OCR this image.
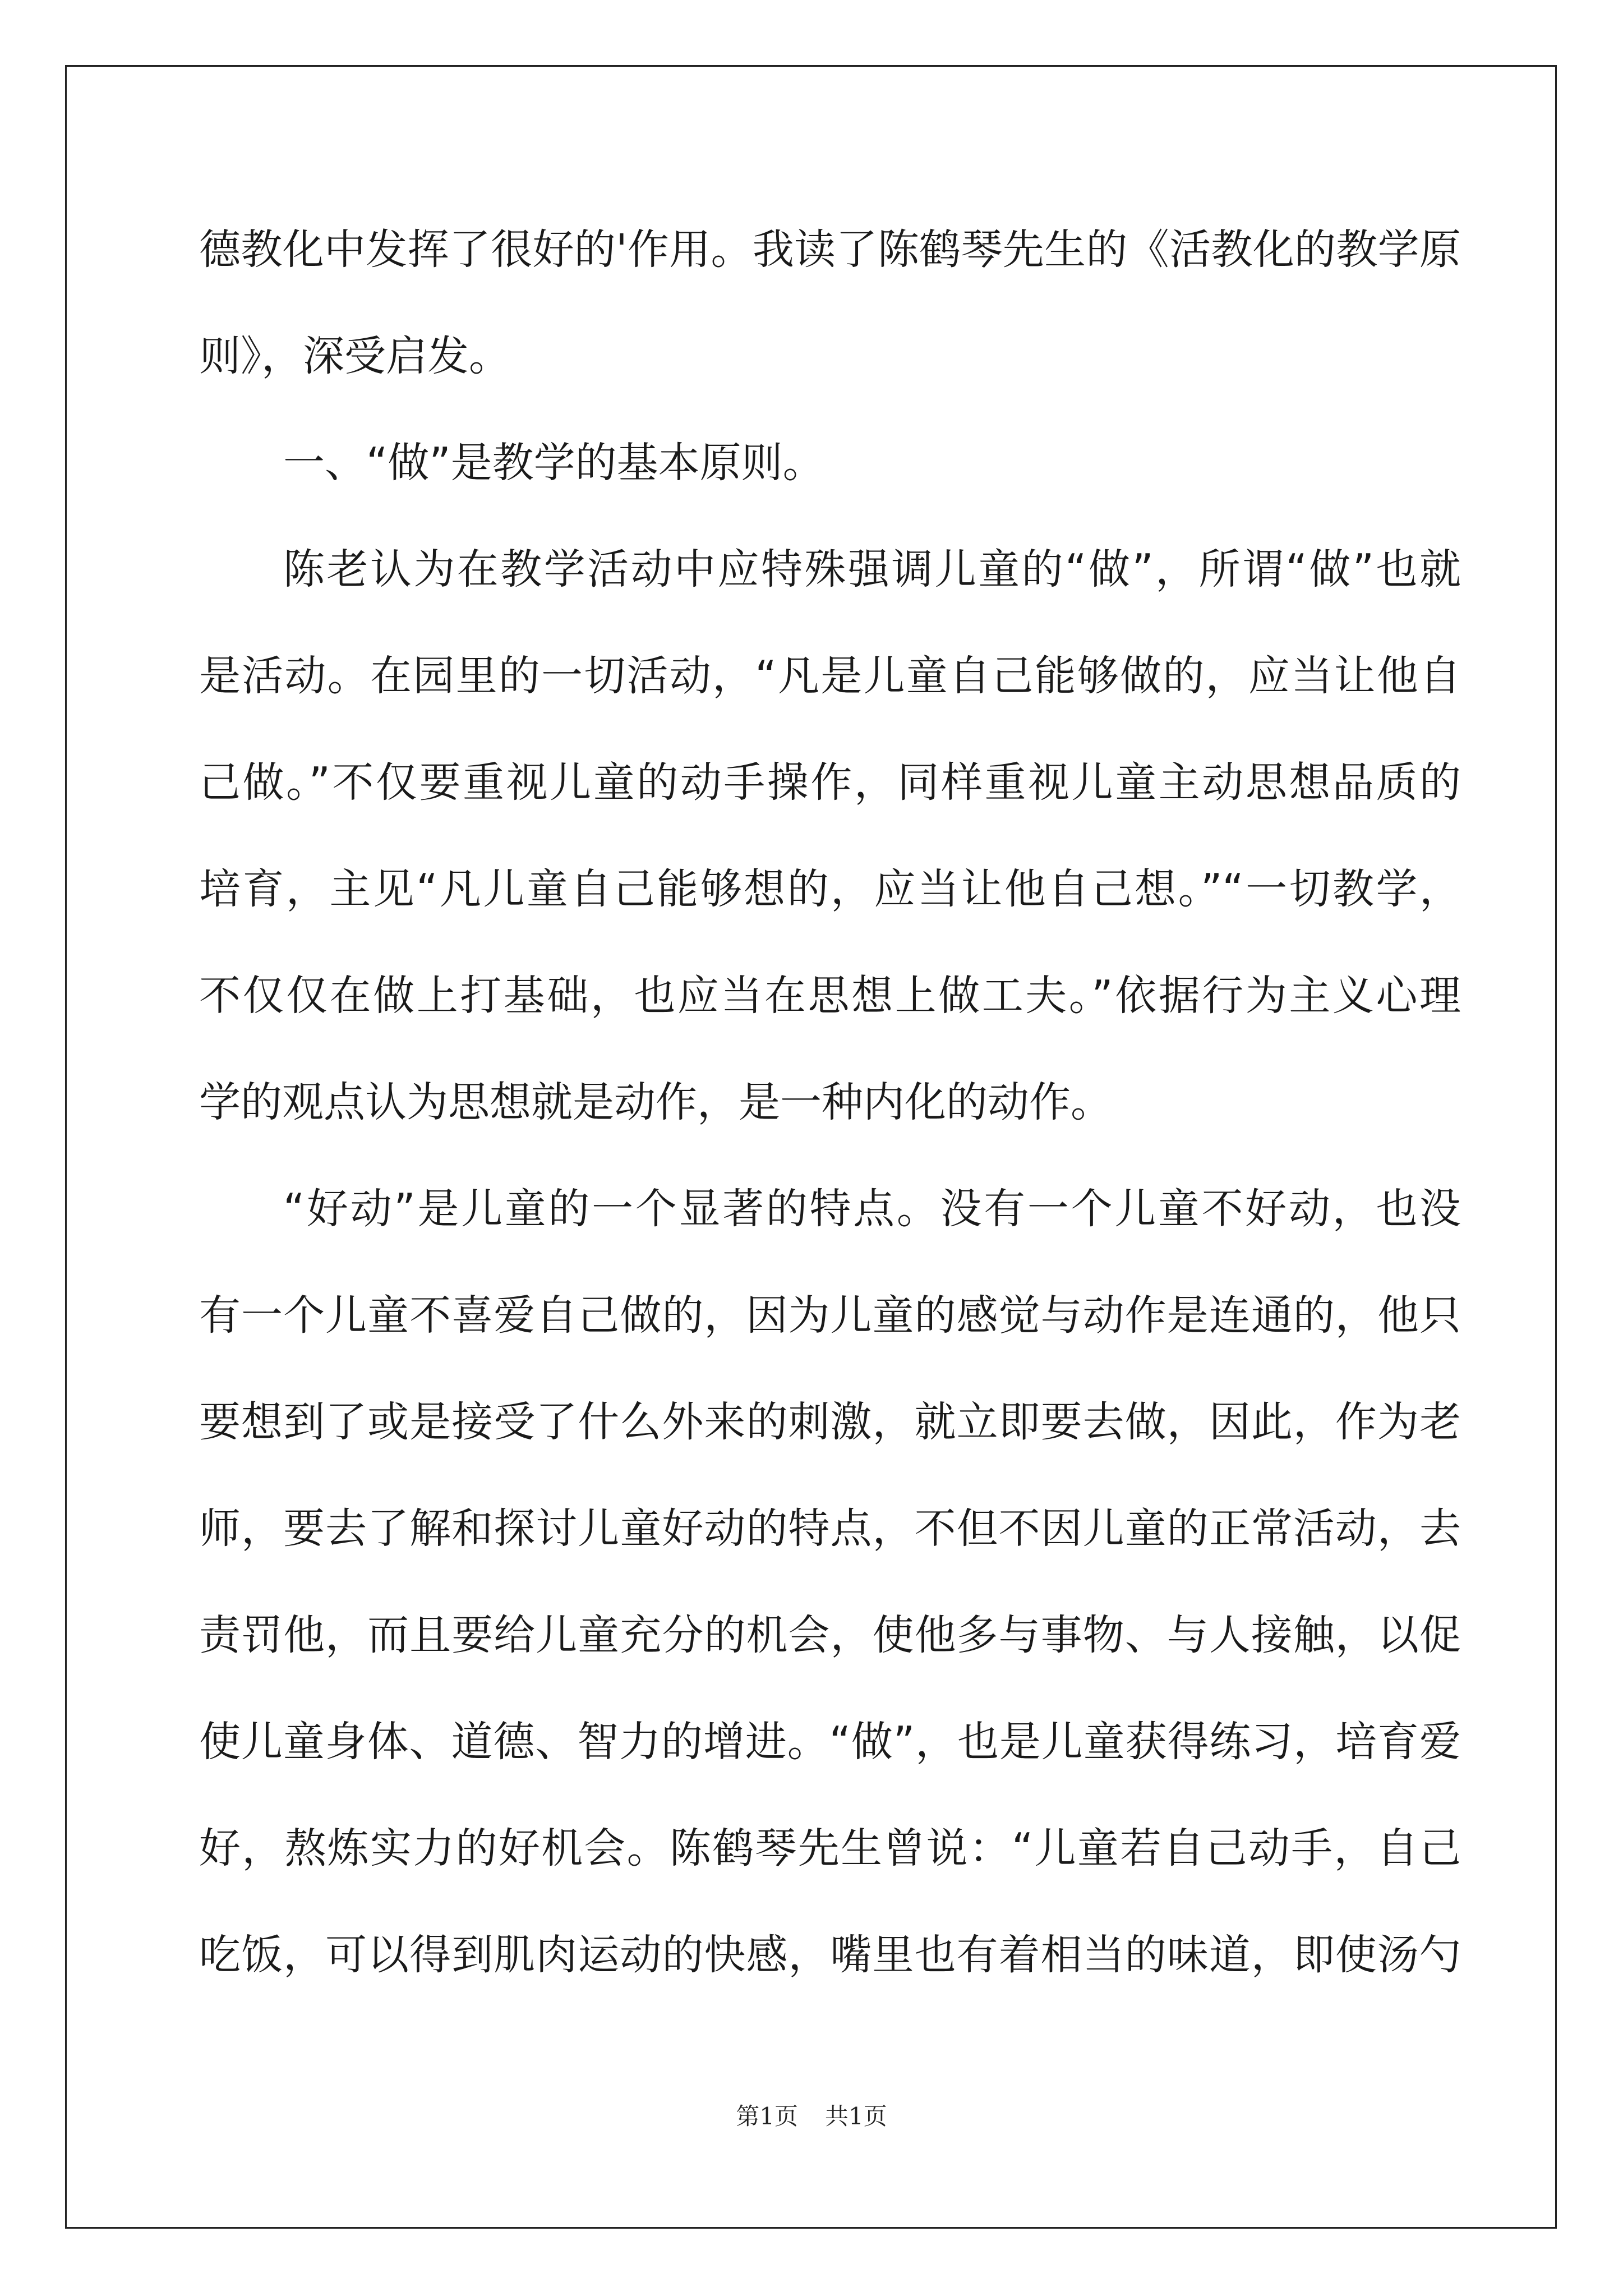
德教化中发挥了很好的'作用。我读了陈鹤琴先生的《活教化的教学原
则》，深受启发。
一、“做”是教学的基本原则。
陈老认为在教学活动中应特殊强调儿童的“做”，所谓“做”也就
是活动。在园里的一切活动，“凡是儿童自己能够做的，应当让他自
己做。”不仅要重视儿童的动手操作，同样重视儿童主动思想品质的
培育，主见“凡儿童自己能够想的，应当让他自己想。”“一切教学，
不仅仅在做上打基础，也应当在思想上做工夫。”依据行为主义心理
学的观点认为思想就是动作，是一种内化的动作。
“好动”是儿童的一个显著的特点。没有一个儿童不好动，也没
有一个儿童不喜爱自己做的，因为儿童的感觉与动作是连通的，他只
要想到了或是接受了什么外来的刺激，就立即要去做，因此，作为老
师，要去了解和探讨儿童好动的特点，不但不因儿童的正常活动，去
责罚他，而且要给儿童充分的机会，使他多与事物、与人接触，以促
使儿童身体、道德、智力的增进。“做”，也是儿童获得练习，培育爱
好，熬炼实力的好机会。陈鹤琴先生曾说：“儿童若自己动手，自己
吃饭，可以得到肌肉运动的快感，嘴里也有着相当的味道，即使汤勺
第1页 共1页
